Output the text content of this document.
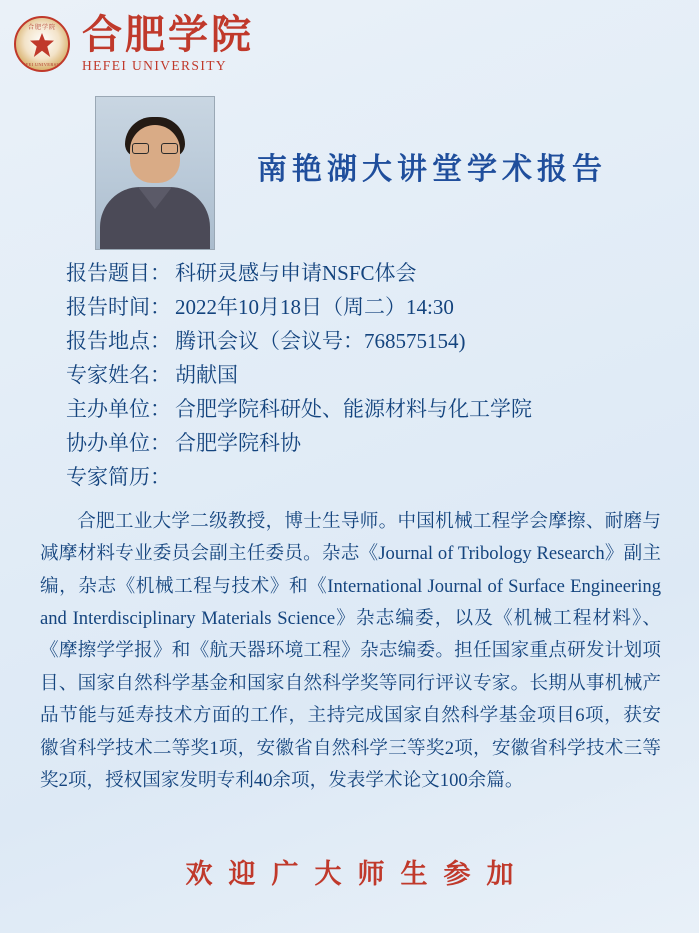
合肥学院
HEFEI UNIVERSITY
合肥学院
HEFEI UNIVERSITY
南艳湖大讲堂学术报告
报告题目： 科研灵感与申请NSFC体会
报告时间： 2022年10月18日（周二）14:30
报告地点： 腾讯会议（会议号：768575154)
专家姓名： 胡献国
主办单位： 合肥学院科研处、能源材料与化工学院
协办单位： 合肥学院科协
专家简历：
合肥工业大学二级教授，博士生导师。中国机械工程学会摩擦、耐磨与减摩材料专业委员会副主任委员。杂志《Journal of Tribology Research》副主编，杂志《机械工程与技术》和《International Journal of Surface Engineering and Interdisciplinary Materials Science》杂志编委，以及《机械工程材料》、《摩擦学学报》和《航天器环境工程》杂志编委。担任国家重点研发计划项目、国家自然科学基金和国家自然科学奖等同行评议专家。长期从事机械产品节能与延寿技术方面的工作，主持完成国家自然科学基金项目6项，获安徽省科学技术二等奖1项，安徽省自然科学三等奖2项，安徽省科学技术三等奖2项，授权国家发明专利40余项，发表学术论文100余篇。
欢迎广大师生参加
